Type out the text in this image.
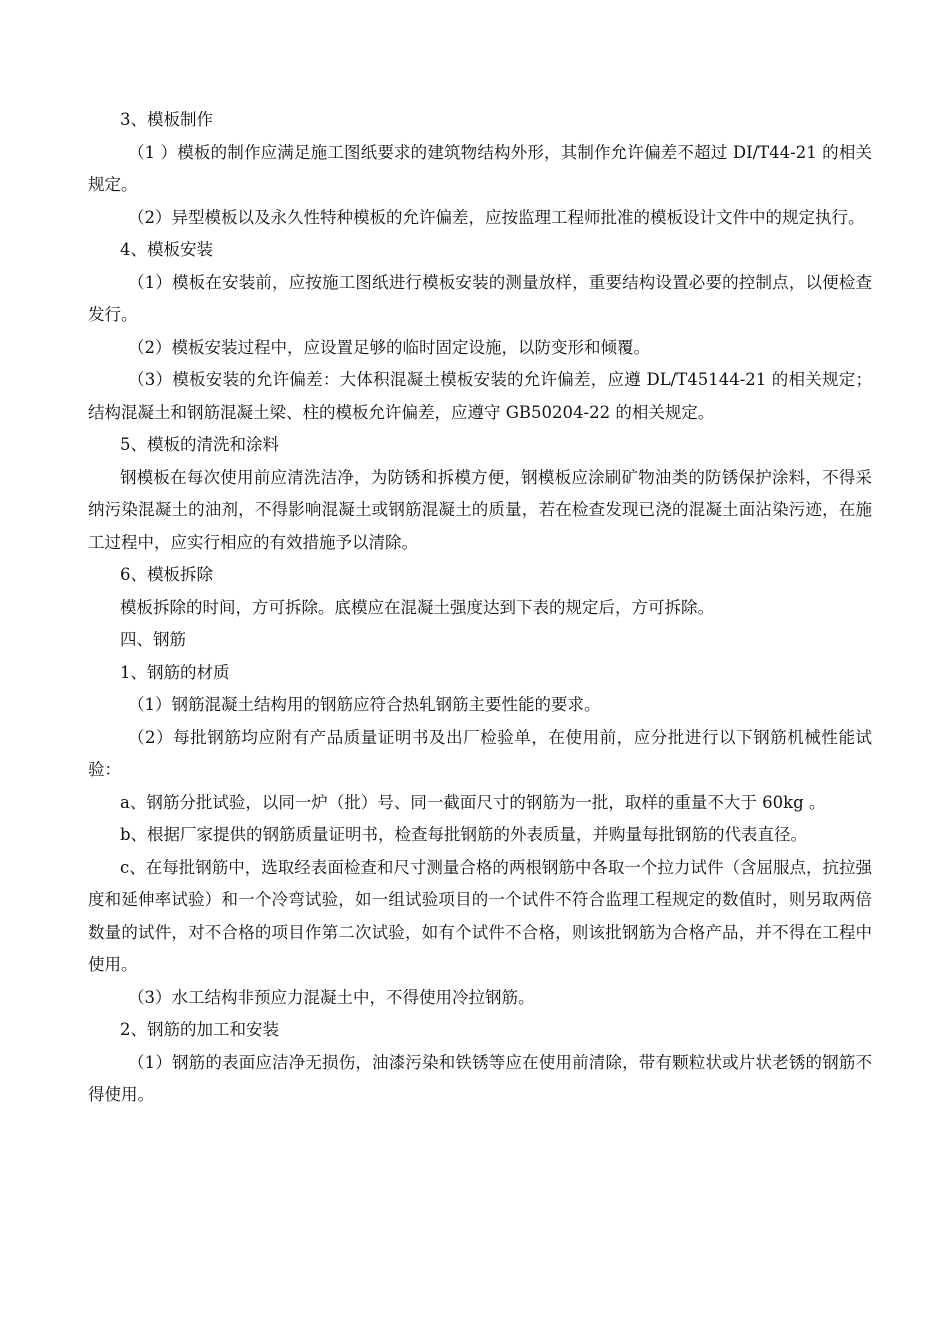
3、模板制作

（1 ）模板的制作应满足施工图纸要求的建筑物结构外形，其制作允许偏差不超过 DI/T44-21 的相关规定。

（2）异型模板以及永久性特种模板的允许偏差，应按监理工程师批准的模板设计文件中的规定执行。

4、模板安装

（1）模板在安装前，应按施工图纸进行模板安装的测量放样，重要结构设置必要的控制点，以便检查发行。

（2）模板安装过程中，应设置足够的临时固定设施，以防变形和倾覆。

（3）模板安装的允许偏差：大体积混凝土模板安装的允许偏差，应遵 DL/T45144-21 的相关规定；结构混凝土和钢筋混凝土梁、柱的模板允许偏差，应遵守 GB50204-22 的相关规定。

5、模板的清洗和涂料

钢模板在每次使用前应清洗洁净，为防锈和拆模方便，钢模板应涂刷矿物油类的防锈保护涂料，不得采纳污染混凝土的油剂，不得影响混凝土或钢筋混凝土的质量，若在检查发现已浇的混凝土面沾染污迹，在施工过程中，应实行相应的有效措施予以清除。

6、模板拆除

模板拆除的时间，方可拆除。底模应在混凝土强度达到下表的规定后，方可拆除。

四、钢筋

1、钢筋的材质

（1）钢筋混凝土结构用的钢筋应符合热轧钢筋主要性能的要求。

（2）每批钢筋均应附有产品质量证明书及出厂检验单，在使用前，应分批进行以下钢筋机械性能试验：

a、钢筋分批试验，以同一炉（批）号、同一截面尺寸的钢筋为一批，取样的重量不大于 60kg 。

b、根据厂家提供的钢筋质量证明书，检查每批钢筋的外表质量，并购量每批钢筋的代表直径。

c、在每批钢筋中，选取经表面检查和尺寸测量合格的两根钢筋中各取一个拉力试件（含屈服点，抗拉强度和延伸率试验）和一个冷弯试验，如一组试验项目的一个试件不符合监理工程规定的数值时，则另取两倍数量的试件，对不合格的项目作第二次试验，如有个试件不合格，则该批钢筋为合格产品，并不得在工程中使用。

（3）水工结构非预应力混凝土中，不得使用冷拉钢筋。

2、钢筋的加工和安装

（1）钢筋的表面应洁净无损伤，油漆污染和铁锈等应在使用前清除，带有颗粒状或片状老锈的钢筋不得使用。
